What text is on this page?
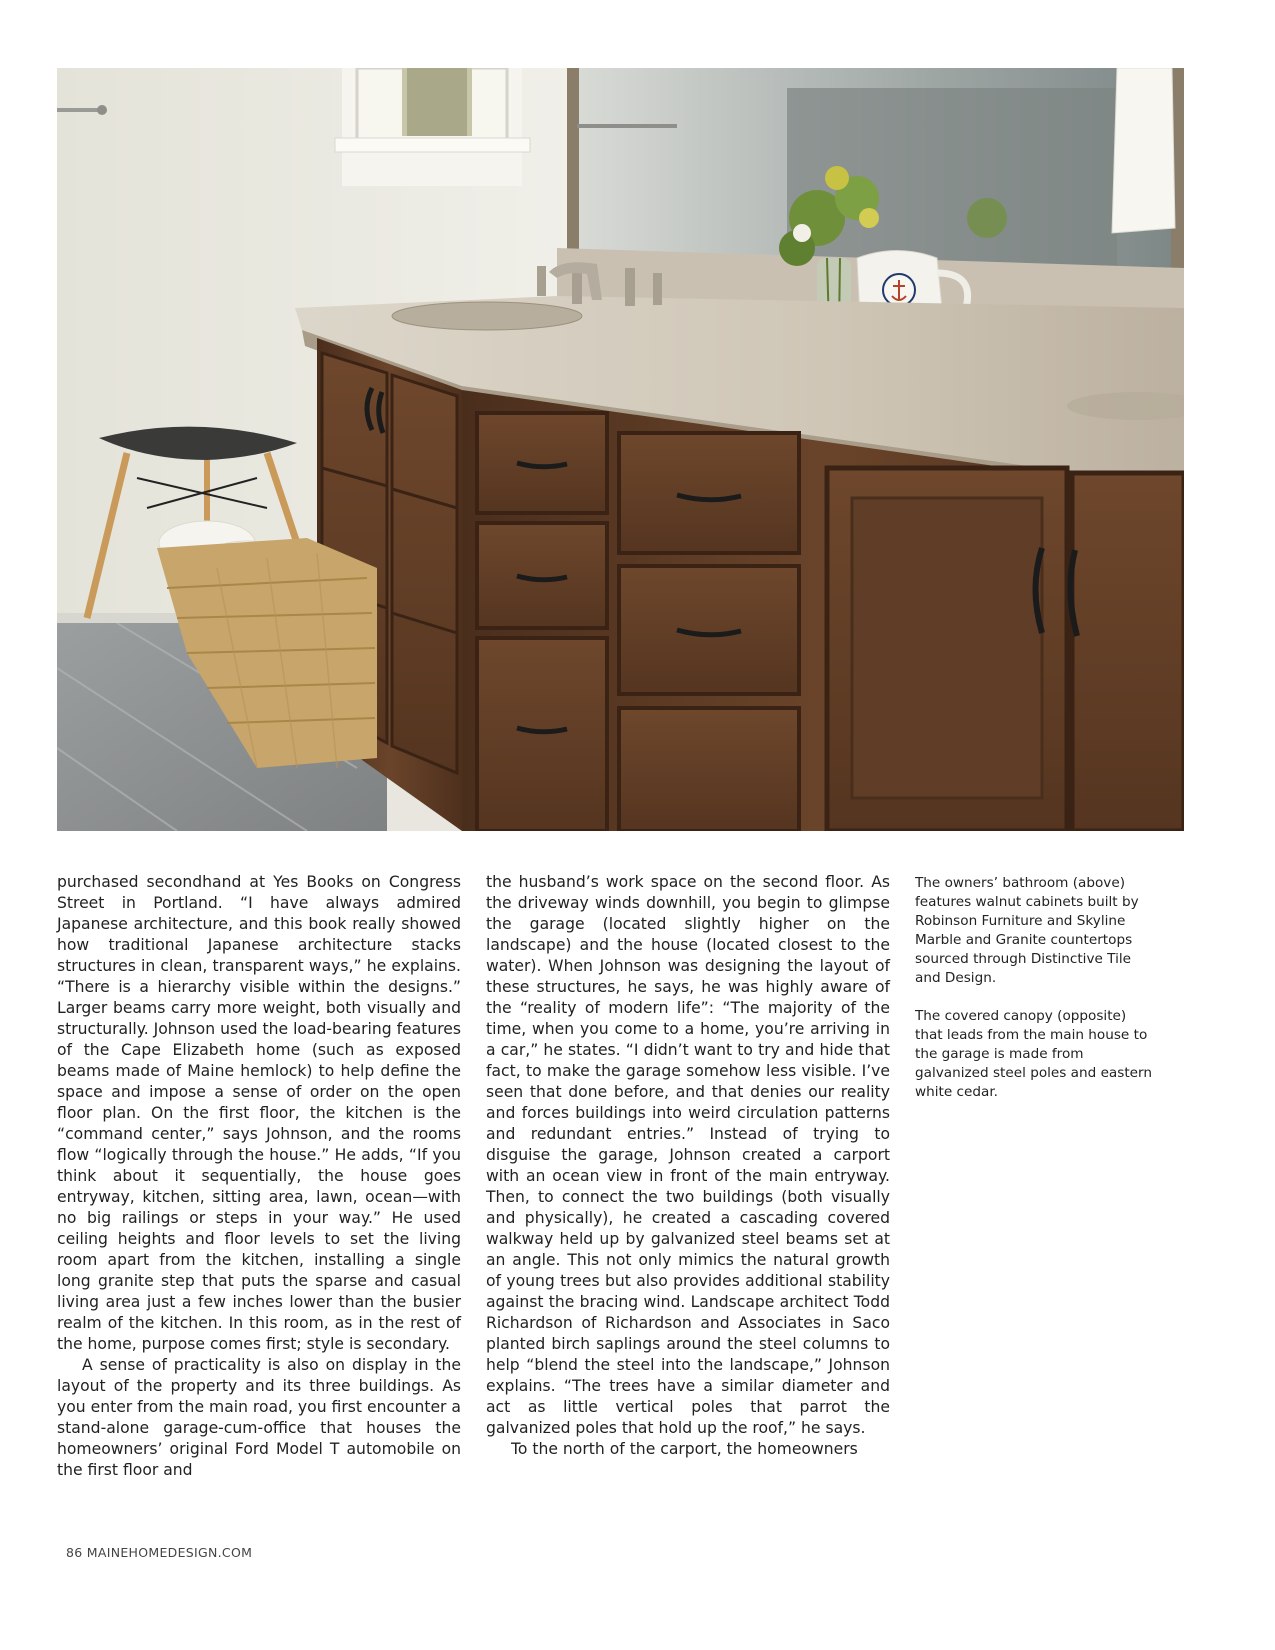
purchased secondhand at Yes Books on Congress Street in Portland. “I have always admired Japanese architecture, and this book really showed how traditional Japanese architecture stacks structures in clean, transparent ways,” he explains. “There is a hierarchy visible within the designs.” Larger beams carry more weight, both visually and structurally. Johnson used the load-bearing features of the Cape Elizabeth home (such as exposed beams made of Maine hemlock) to help define the space and impose a sense of order on the open floor plan. On the first floor, the kitchen is the “command center,” says Johnson, and the rooms flow “logically through the house.” He adds, “If you think about it sequentially, the house goes entryway, kitchen, sitting area, lawn, ocean—with no big railings or steps in your way.” He used ceiling heights and floor levels to set the living room apart from the kitchen, installing a single long granite step that puts the sparse and casual living area just a few inches lower than the busier realm of the kitchen. In this room, as in the rest of the home, purpose comes first; style is secondary.

A sense of practicality is also on display in the layout of the property and its three buildings. As you enter from the main road, you first encounter a stand-alone garage-cum-office that houses the homeowners’ original Ford Model T automobile on the first floor and

the husband’s work space on the second floor. As the driveway winds downhill, you begin to glimpse the garage (located slightly higher on the landscape) and the house (located closest to the water). When Johnson was designing the layout of these structures, he says, he was highly aware of the “reality of modern life”: “The majority of the time, when you come to a home, you’re arriving in a car,” he states. “I didn’t want to try and hide that fact, to make the garage somehow less visible. I’ve seen that done before, and that denies our reality and forces buildings into weird circulation patterns and redundant entries.” Instead of trying to disguise the garage, Johnson created a carport with an ocean view in front of the main entryway. Then, to connect the two buildings (both visually and physically), he created a cascading covered walkway held up by galvanized steel beams set at an angle. This not only mimics the natural growth of young trees but also provides additional stability against the bracing wind. Landscape architect Todd Richardson of Richardson and Associates in Saco planted birch saplings around the steel columns to help “blend the steel into the landscape,” Johnson explains. “The trees have a similar diameter and act as little vertical poles that parrot the galvanized poles that hold up the roof,” he says.

To the north of the carport, the homeowners

The owners’ bathroom (above) features walnut cabinets built by Robinson Furniture and Skyline Marble and Granite countertops sourced through Distinctive Tile and Design.

The covered canopy (opposite) that leads from the main house to the garage is made from galvanized steel poles and eastern white cedar.

86 MAINEHOMEDESIGN.COM
